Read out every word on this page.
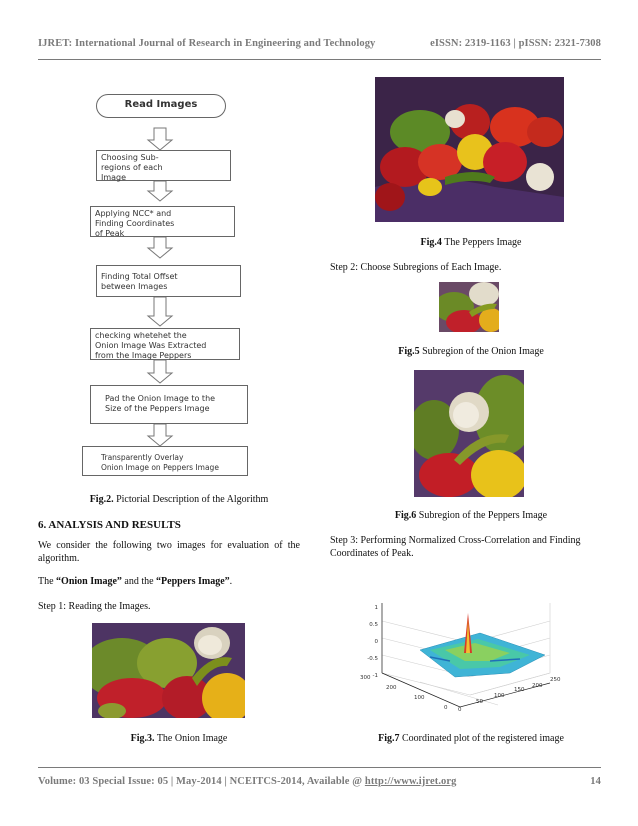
IJRET: International Journal of Research in Engineering and Technology	eISSN: 2319-1163 | pISSN: 2321-7308
Read Images
Choosing Sub-
regions of each
Image
Applying NCC* and
Finding Coordinates
of Peak
Finding Total Offset
between Images
checking whetehet the
Onion Image Was Extracted
from the Image Peppers
Pad the Onion Image to the
Size of the Peppers Image
Transparently Overlay
Onion Image on Peppers Image
Fig.2. Pictorial Description of the Algorithm
6. ANALYSIS AND RESULTS
We consider the following two images for evaluation of the algorithm.
The “Onion Image” and the “Peppers Image”.
Step 1: Reading the Images.
Fig.3. The Onion Image
Fig.4 The Peppers Image
Step 2: Choose Subregions of Each Image.
Fig.5 Subregion of the Onion Image
Fig.6 Subregion of the Peppers Image
Step 3: Performing Normalized Cross-Correlation and Finding Coordinates of Peak.
1
0.5
0
-0.5
-1
300
200
100
0 0
50
100
150
200
250
Fig.7 Coordinated plot of the registered image
Volume: 03 Special Issue: 05 | May-2014 | NCEITCS-2014, Available @ http://www.ijret.org	14
